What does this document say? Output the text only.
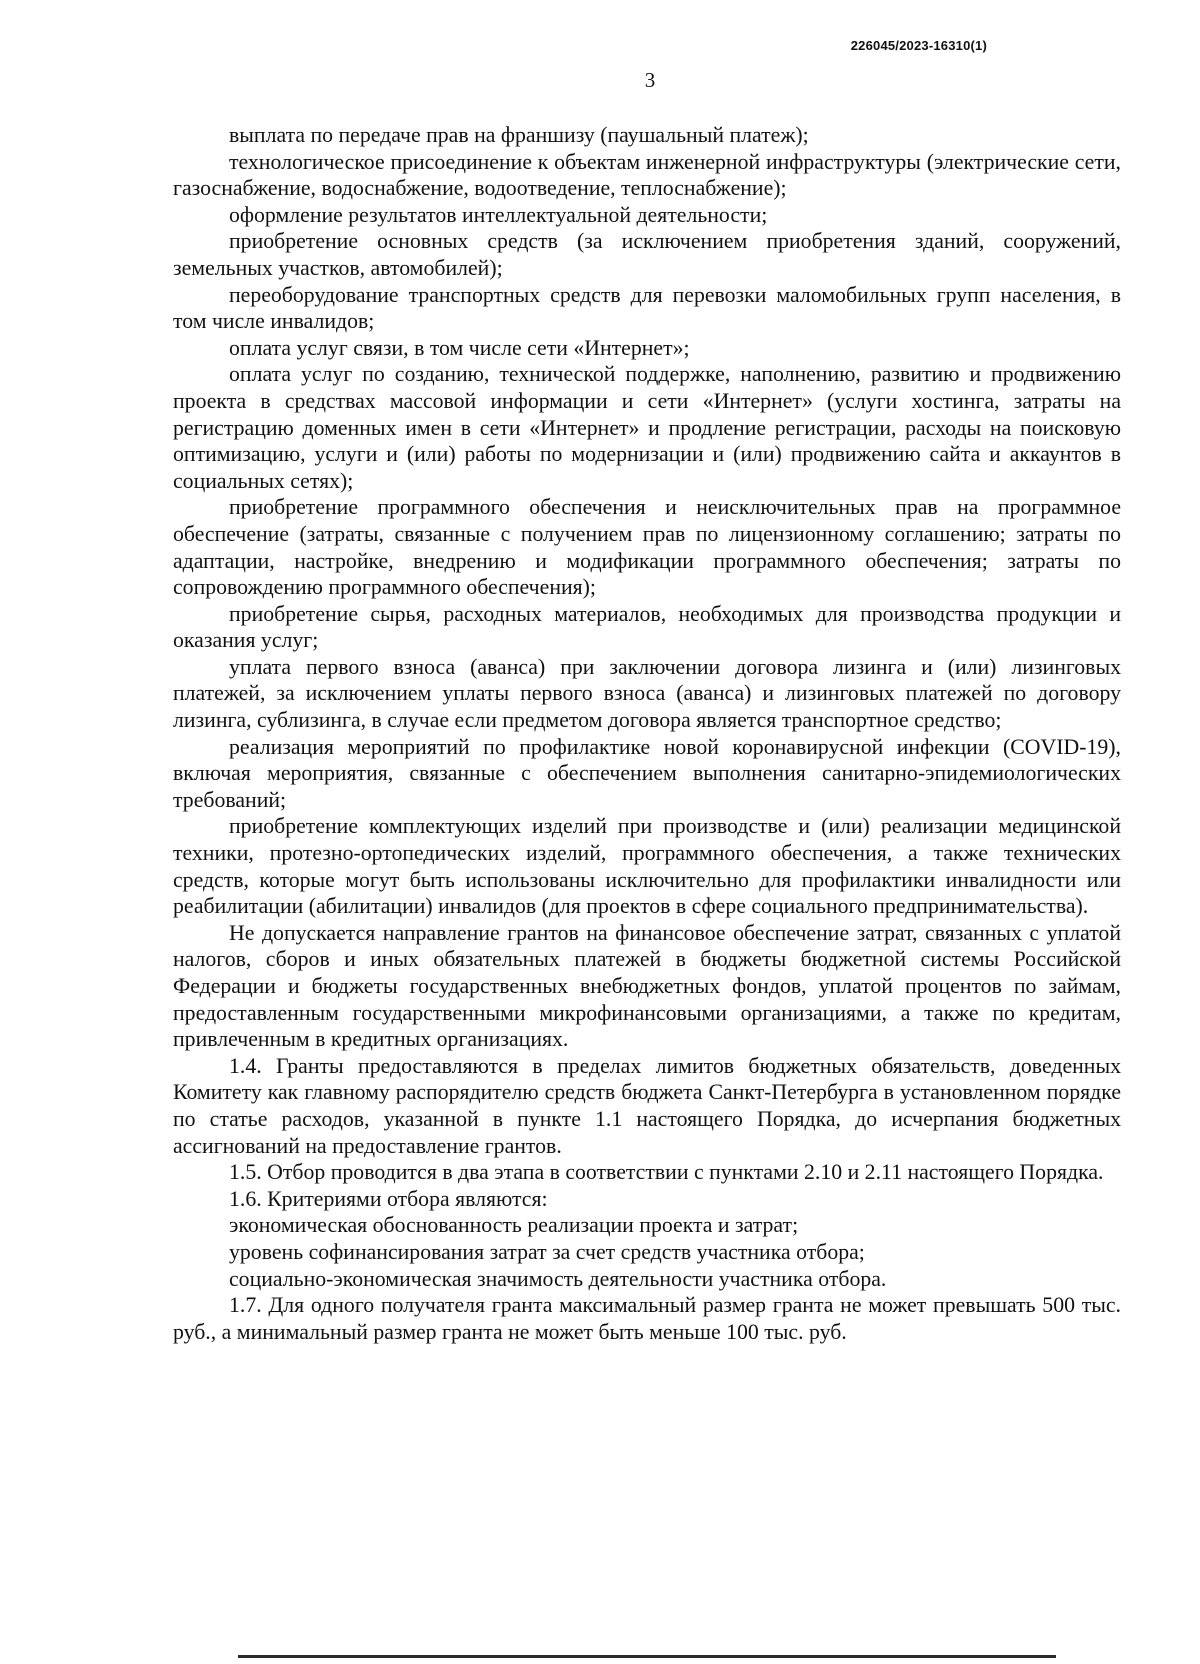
226045/2023-16310(1)
3

выплата по передаче прав на франшизу (паушальный платеж);

технологическое присоединение к объектам инженерной инфраструктуры (электрические сети, газоснабжение, водоснабжение, водоотведение, теплоснабжение);

оформление результатов интеллектуальной деятельности;

приобретение основных средств (за исключением приобретения зданий, сооружений, земельных участков, автомобилей);

переоборудование транспортных средств для перевозки маломобильных групп населения, в том числе инвалидов;

оплата услуг связи, в том числе сети «Интернет»;

оплата услуг по созданию, технической поддержке, наполнению, развитию и продвижению проекта в средствах массовой информации и сети «Интернет» (услуги хостинга, затраты на регистрацию доменных имен в сети «Интернет» и продление регистрации, расходы на поисковую оптимизацию, услуги и (или) работы по модернизации и (или) продвижению сайта и аккаунтов в социальных сетях);

приобретение программного обеспечения и неисключительных прав на программное обеспечение (затраты, связанные с получением прав по лицензионному соглашению; затраты по адаптации, настройке, внедрению и модификации программного обеспечения; затраты по сопровождению программного обеспечения);

приобретение сырья, расходных материалов, необходимых для производства продукции и оказания услуг;

уплата первого взноса (аванса) при заключении договора лизинга и (или) лизинговых платежей, за исключением уплаты первого взноса (аванса) и лизинговых платежей по договору лизинга, сублизинга, в случае если предметом договора является транспортное средство;

реализация мероприятий по профилактике новой коронавирусной инфекции (COVID-19), включая мероприятия, связанные с обеспечением выполнения санитарно-эпидемиологических требований;

приобретение комплектующих изделий при производстве и (или) реализации медицинской техники, протезно-ортопедических изделий, программного обеспечения, а также технических средств, которые могут быть использованы исключительно для профилактики инвалидности или реабилитации (абилитации) инвалидов (для проектов в сфере социального предпринимательства).

Не допускается направление грантов на финансовое обеспечение затрат, связанных с уплатой налогов, сборов и иных обязательных платежей в бюджеты бюджетной системы Российской Федерации и бюджеты государственных внебюджетных фондов, уплатой процентов по займам, предоставленным государственными микрофинансовыми организациями, а также по кредитам, привлеченным в кредитных организациях.

1.4. Гранты предоставляются в пределах лимитов бюджетных обязательств, доведенных Комитету как главному распорядителю средств бюджета Санкт-Петербурга в установленном порядке по статье расходов, указанной в пункте 1.1 настоящего Порядка, до исчерпания бюджетных ассигнований на предоставление грантов.

1.5. Отбор проводится в два этапа в соответствии с пунктами 2.10 и 2.11 настоящего Порядка.

1.6. Критериями отбора являются:

экономическая обоснованность реализации проекта и затрат;

уровень софинансирования затрат за счет средств участника отбора;

социально-экономическая значимость деятельности участника отбора.

1.7. Для одного получателя гранта максимальный размер гранта не может превышать 500 тыс. руб., а минимальный размер гранта не может быть меньше 100 тыс. руб.
